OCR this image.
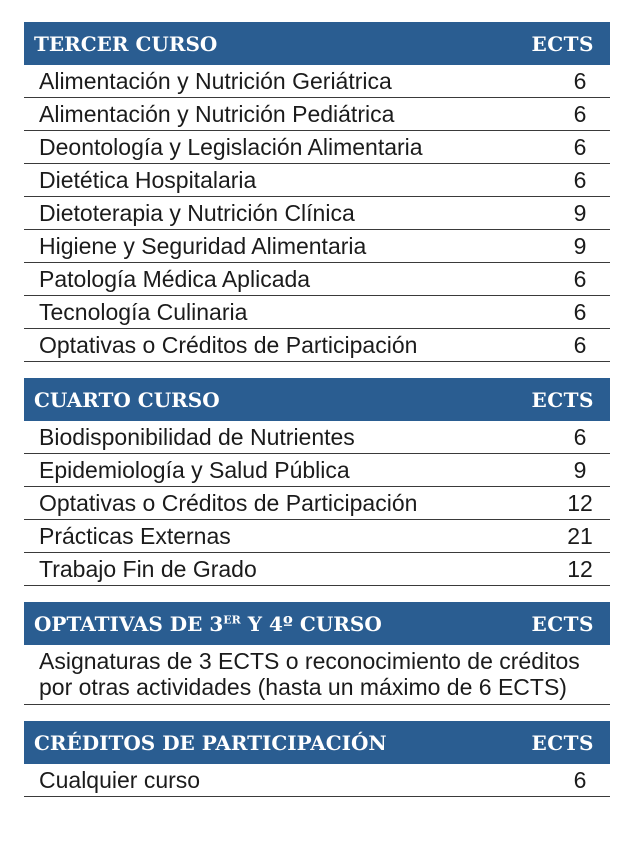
TERCER CURSO	ECTS
Alimentación y Nutrición Geriátrica	6
Alimentación y Nutrición Pediátrica	6
Deontología y Legislación Alimentaria	6
Dietética Hospitalaria	6
Dietoterapia y Nutrición Clínica	9
Higiene y Seguridad Alimentaria	9
Patología Médica Aplicada	6
Tecnología Culinaria	6
Optativas o Créditos de Participación	6
CUARTO CURSO	ECTS
Biodisponibilidad de Nutrientes	6
Epidemiología y Salud Pública	9
Optativas o Créditos de Participación	12
Prácticas Externas	21
Trabajo Fin de Grado	12
OPTATIVAS DE 3ER Y 4º CURSO	ECTS
Asignaturas de 3 ECTS o reconocimiento de créditos por otras actividades (hasta un máximo de 6 ECTS)
CRÉDITOS DE PARTICIPACIÓN	ECTS
Cualquier curso	6
